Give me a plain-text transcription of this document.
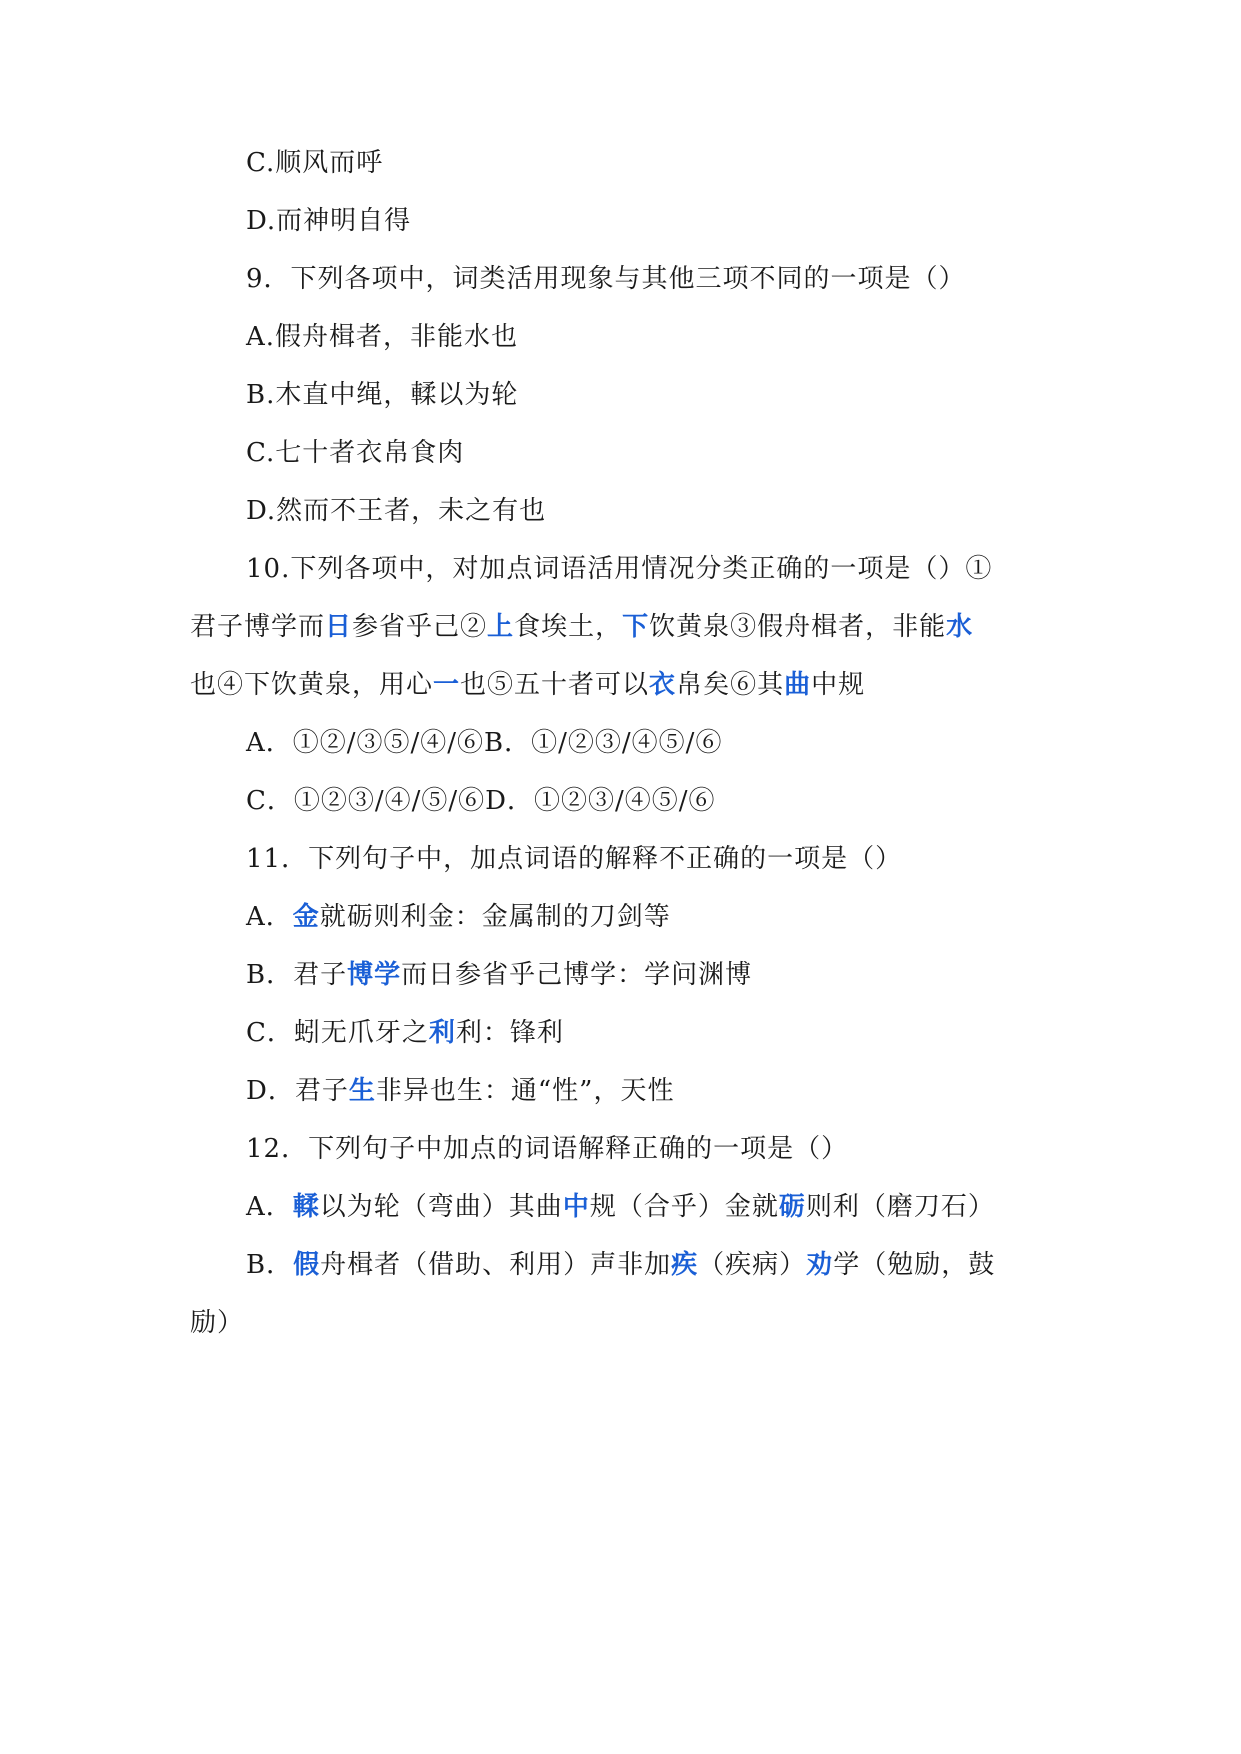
C.顺风而呼
D.而神明自得
9．下列各项中，词类活用现象与其他三项不同的一项是（）
A.假舟楫者，非能水也
B.木直中绳，輮以为轮
C.七十者衣帛食肉
D.然而不王者，未之有也
10.下列各项中，对加点词语活用情况分类正确的一项是（）①
君子博学而日参省乎己②上食埃土，下饮黄泉③假舟楫者，非能水
也④下饮黄泉，用心一也⑤五十者可以衣帛矣⑥其曲中规
A．①②/③⑤/④/⑥B．①/②③/④⑤/⑥
C．①②③/④/⑤/⑥D．①②③/④⑤/⑥
11．下列句子中，加点词语的解释不正确的一项是（）
A．金就砺则利金：金属制的刀剑等
B．君子博学而日参省乎己博学：学问渊博
C．蚓无爪牙之利利：锋利
D．君子生非异也生：通“性”，天性
12．下列句子中加点的词语解释正确的一项是（）
A．輮以为轮（弯曲）其曲中规（合乎）金就砺则利（磨刀石）
B．假舟楫者（借助、利用）声非加疾（疾病）劝学（勉励，鼓
励）
